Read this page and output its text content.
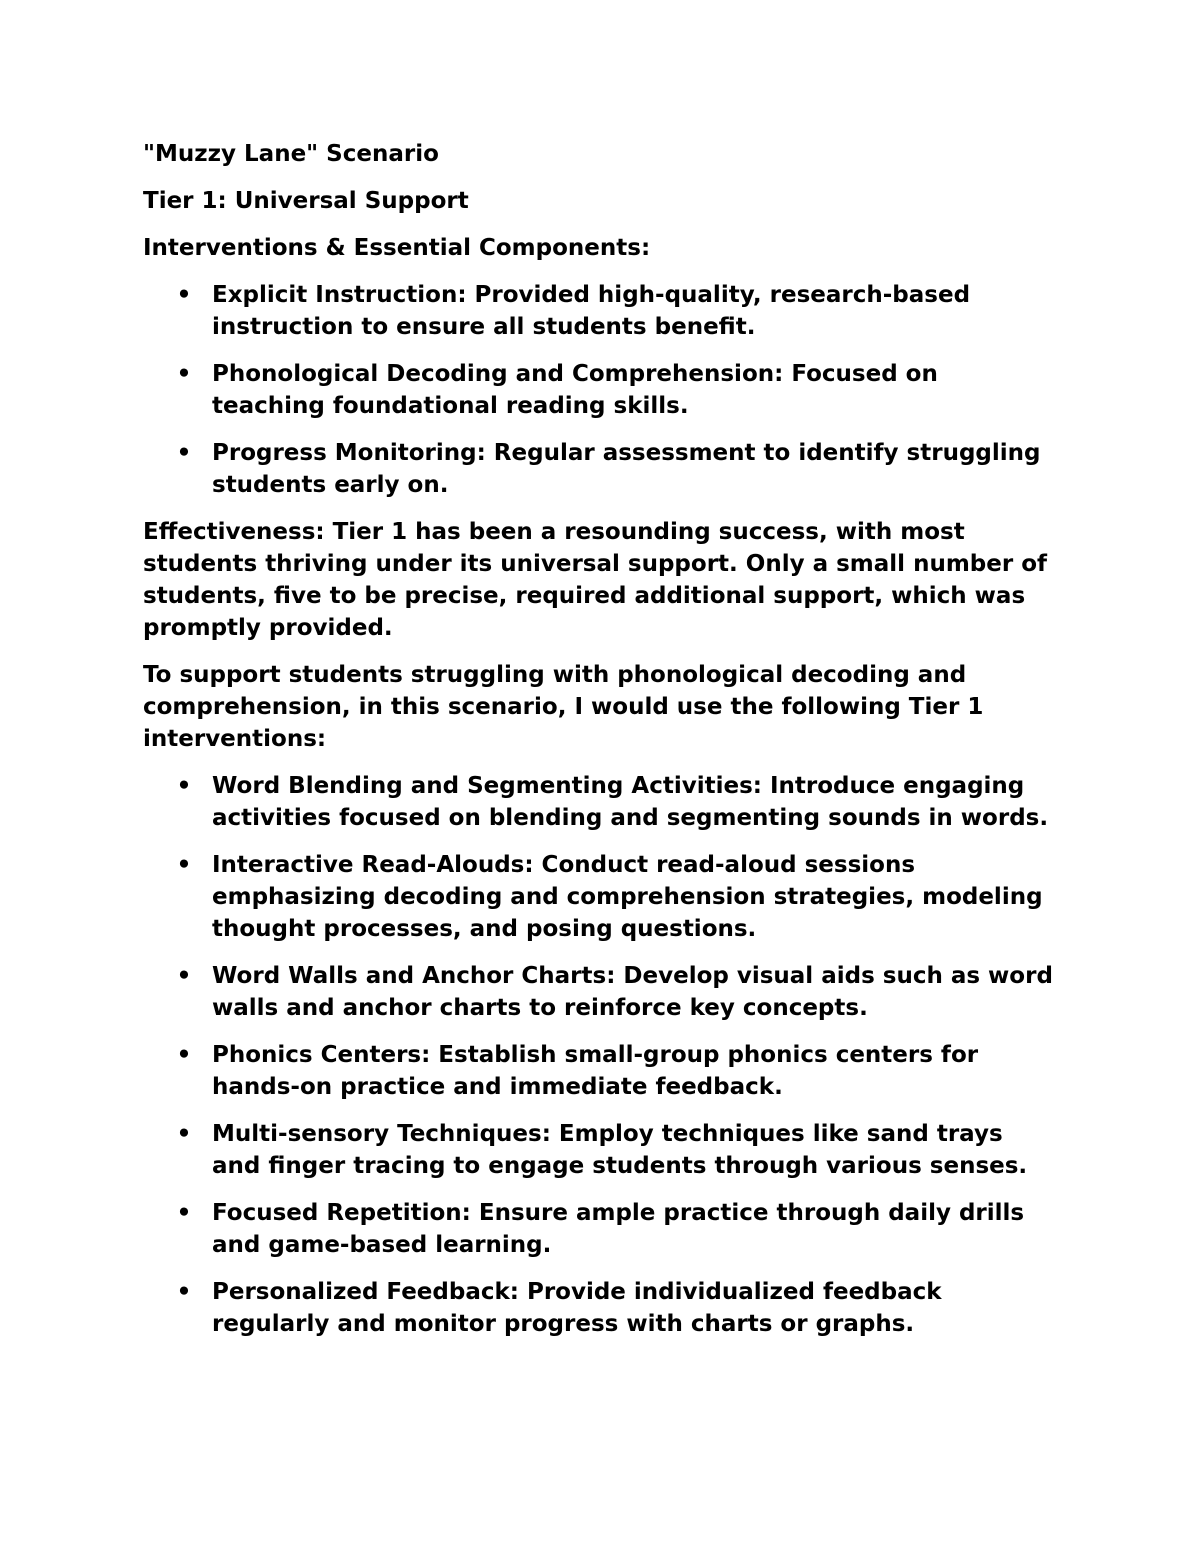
"Muzzy Lane" Scenario

Tier 1: Universal Support

Interventions & Essential Components:

• Explicit Instruction: Provided high-quality, research-based instruction to ensure all students benefit.
• Phonological Decoding and Comprehension: Focused on teaching foundational reading skills.
• Progress Monitoring: Regular assessment to identify struggling students early on.

Effectiveness: Tier 1 has been a resounding success, with most students thriving under its universal support. Only a small number of students, five to be precise, required additional support, which was promptly provided.

To support students struggling with phonological decoding and comprehension, in this scenario, I would use the following Tier 1 interventions:

• Word Blending and Segmenting Activities: Introduce engaging activities focused on blending and segmenting sounds in words.
• Interactive Read-Alouds: Conduct read-aloud sessions emphasizing decoding and comprehension strategies, modeling thought processes, and posing questions.
• Word Walls and Anchor Charts: Develop visual aids such as word walls and anchor charts to reinforce key concepts.
• Phonics Centers: Establish small-group phonics centers for hands-on practice and immediate feedback.
• Multi-sensory Techniques: Employ techniques like sand trays and finger tracing to engage students through various senses.
• Focused Repetition: Ensure ample practice through daily drills and game-based learning.
• Personalized Feedback: Provide individualized feedback regularly and monitor progress with charts or graphs.
